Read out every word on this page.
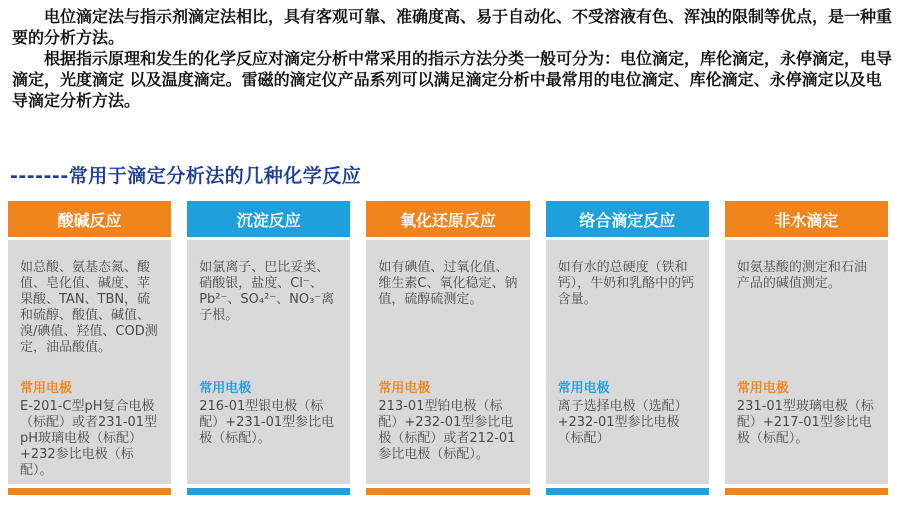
电位滴定法与指示剂滴定法相比，具有客观可靠、准确度高、易于自动化、不受溶液有色、浑浊的限制等优点，是一种重要的分析方法。

根据指示原理和发生的化学反应对滴定分析中常采用的指示方法分类一般可分为：电位滴定，库伦滴定，永停滴定，电导滴定，光度滴定 以及温度滴定。雷磁的滴定仪产品系列可以满足滴定分析中最常用的电位滴定、库伦滴定、永停滴定以及电导滴定分析方法。

-------常用于滴定分析法的几种化学反应
酸碱反应
如总酸、氨基态氮、酸值、皂化值、碱度、苹果酸、TAN、TBN，硫和硫醇、酸值、碱值、溴/碘值、羟值、COD测定，油品酸值。
常用电极
E-201-C型pH复合电极（标配）或者231-01型pH玻璃电极（标配）+232参比电极（标配）。
沉淀反应
如氯离子、巴比妥类、硝酸银，盐度、Cl⁻、Pb²⁻、SO₄²⁻、NO₃⁻离子根。
常用电极
216-01型银电极（标配）+231-01型参比电极（标配）。
氧化还原反应
如有碘值、过氧化值、维生素C、氧化稳定、钠值，硫醇硫测定。
常用电极
213-01型铂电极（标配）+232-01型参比电极（标配）或者212-01参比电极（标配）。
络合滴定反应
如有水的总硬度（铁和钙），牛奶和乳酪中的钙含量。
常用电极
离子选择电极（选配）+232-01型参比电极（标配）
非水滴定
如氨基酸的测定和石油产品的碱值测定。
常用电极
231-01型玻璃电极（标配）+217-01型参比电极（标配）。
